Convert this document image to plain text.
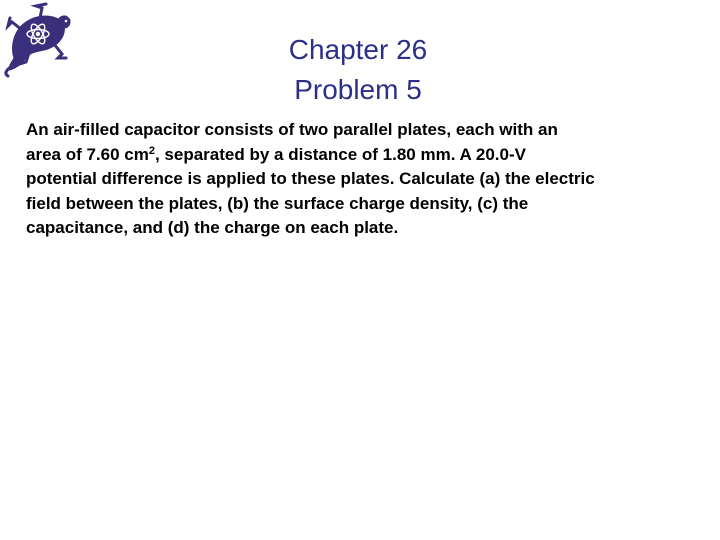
Chapter 26
Problem 5
An air-filled capacitor consists of two parallel plates, each with an
area of 7.60 $cm^2$, separated by a distance of 1.80 mm. A 20.0-V
potential difference is applied to these plates. Calculate (a) the electric
field between the plates, (b) the surface charge density, (c) the
capacitance, and (d) the charge on each plate.
